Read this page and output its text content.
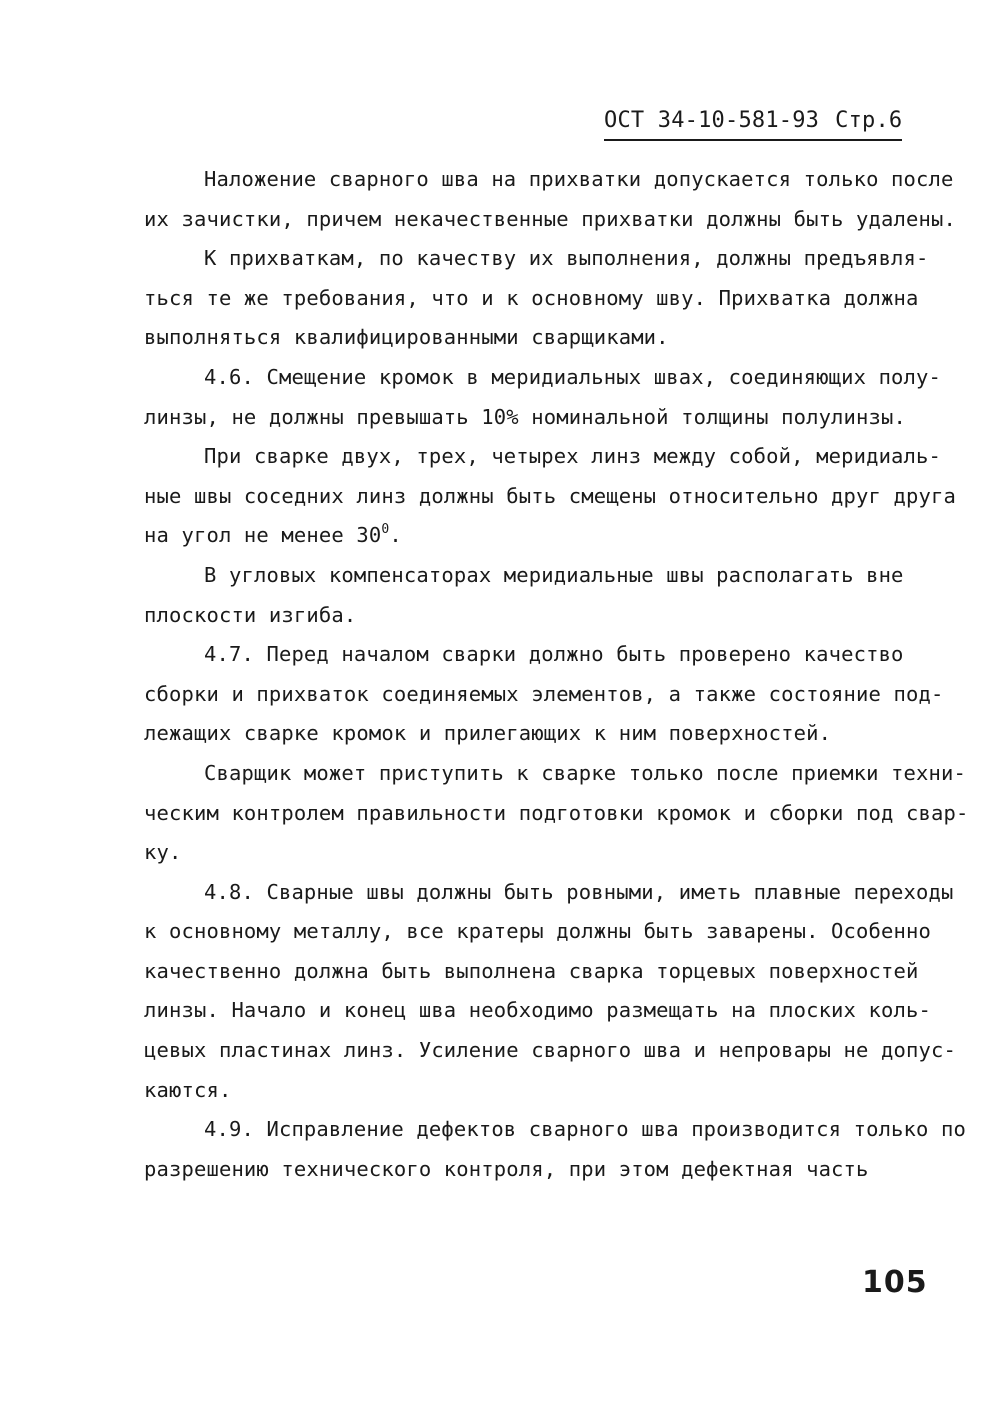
ОСТ 34-10-581-93 Стр.6
Наложение сварного шва на прихватки допускается только после
их зачистки, причем некачественные прихватки должны быть удалены.
К прихваткам, по качеству их выполнения, должны предъявля-
ться те же требования, что и к основному шву. Прихватка должна
выполняться квалифицированными сварщиками.
4.6. Смещение кромок в меридиальных швах, соединяющих полу-
линзы, не должны превышать 10% номинальной толщины полулинзы.
При сварке двух, трех, четырех линз между собой, меридиаль-
ные швы соседних линз должны быть смещены относительно друг друга
на угол не менее $30^0$.
В угловых компенсаторах меридиальные швы располагать вне
плоскости изгиба.
4.7. Перед началом сварки должно быть проверено качество
сборки и прихваток соединяемых элементов, а также состояние под-
лежащих сварке кромок и прилегающих к ним поверхностей.
Сварщик может приступить к сварке только после приемки техни-
ческим контролем правильности подготовки кромок и сборки под свар-
ку.
4.8. Сварные швы должны быть ровными, иметь плавные переходы
к основному металлу, все кратеры должны быть заварены. Особенно
качественно должна быть выполнена сварка торцевых поверхностей
линзы. Начало и конец шва необходимо размещать на плоских коль-
цевых пластинах линз. Усиление сварного шва и непровары не допус-
каются.
4.9. Исправление дефектов сварного шва производится только по
разрешению технического контроля, при этом дефектная часть
105
